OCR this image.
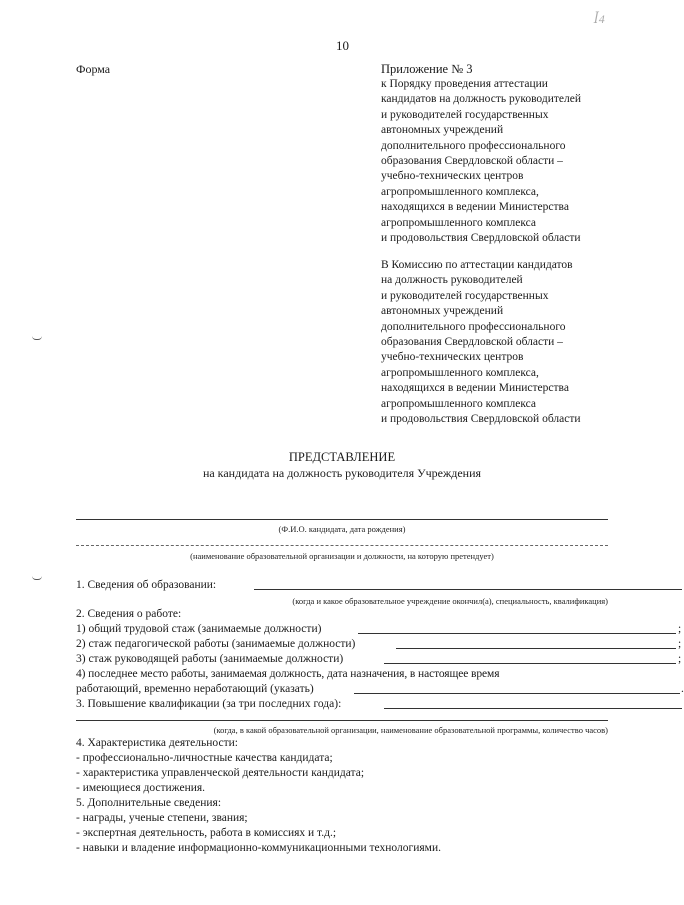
10
ꟾ4
Форма	Приложение № 3
к Порядку проведения аттестации
кандидатов на должность руководителей
и руководителей государственных
автономных учреждений
дополнительного профессионального
образования Свердловской области –
учебно-технических центров
агропромышленного комплекса,
находящихся в ведении Министерства
агропромышленного комплекса
и продовольствия Свердловской области
В Комиссию по аттестации кандидатов
на должность руководителей
и руководителей государственных
автономных учреждений
дополнительного профессионального
образования Свердловской области –
учебно-технических центров
агропромышленного комплекса,
находящихся в ведении Министерства
агропромышленного комплекса
и продовольствия Свердловской области
ПРЕДСТАВЛЕНИЕ
на кандидата на должность руководителя Учреждения
(Ф.И.О. кандидата, дата рождения)
(наименование образовательной организации и должности, на которую претендует)
1. Сведения об образовании:
(когда и какое образовательное учреждение окончил(а), специальность, квалификация)
2. Сведения о работе:
1) общий трудовой стаж (занимаемые должности)	;
2) стаж педагогической работы (занимаемые должности)	;
3) стаж руководящей работы (занимаемые должности)	;
4) последнее место работы, занимаемая должность, дата назначения, в настоящее время
работающий, временно неработающий (указать)	.
3. Повышение квалификации (за три последних года):
(когда, в какой образовательной организации, наименование образовательной программы, количество часов)
4. Характеристика деятельности:
- профессионально-личностные качества кандидата;
- характеристика управленческой деятельности кандидата;
- имеющиеся достижения.
5. Дополнительные сведения:
- награды, ученые степени, звания;
- экспертная деятельность, работа в комиссиях и т.д.;
- навыки и владение информационно-коммуникационными технологиями.
